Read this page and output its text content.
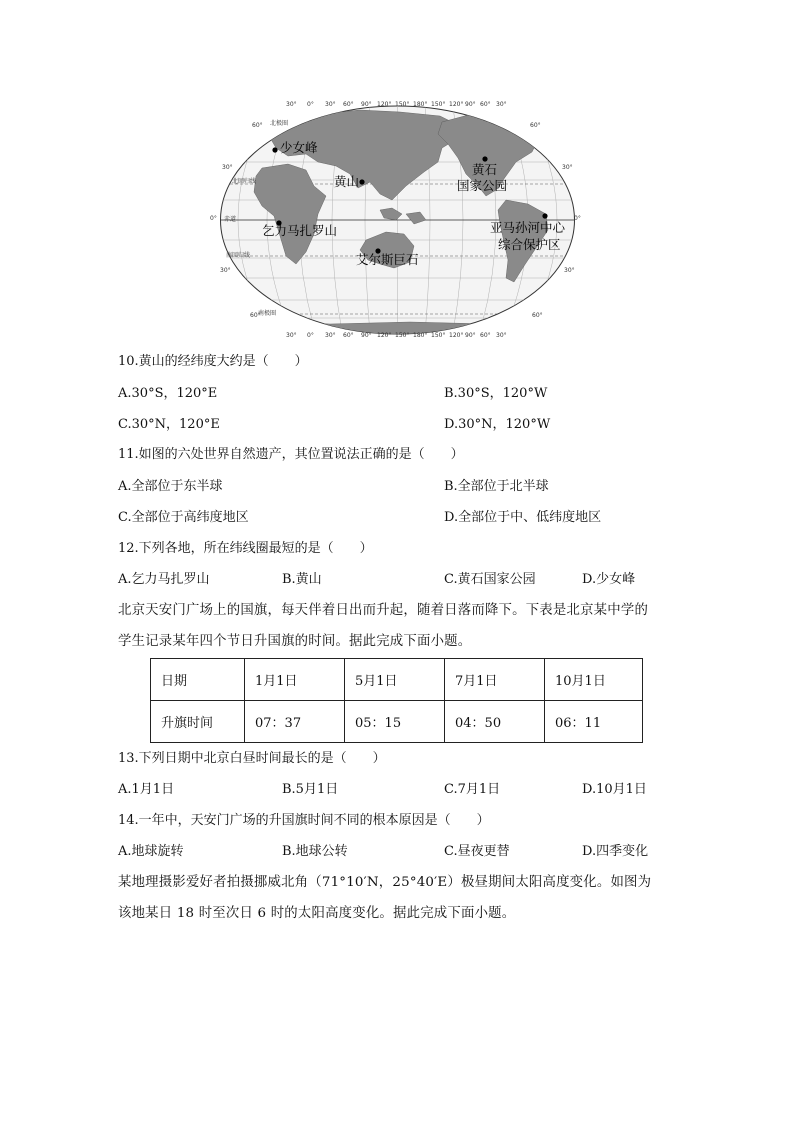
30° 0° 30° 60° 90° 120° 150° 180° 150° 120° 90° 60° 30°
30° 0° 30° 60° 90° 120° 150° 180° 150° 120° 90° 60° 30°
60°
30°
0°
30°
60°
60°
30°
0°
30°
60°
北极圈
北回归线
赤道
南回归线
南极圈
少女峰
黄山
黄石
国家公园
乞力马扎罗山	亚马孙河中心
综合保护区
艾尔斯巨石
10.黄山的经纬度大约是（　　）
A.30°S，120°E	B.30°S，120°W
C.30°N，120°E	D.30°N，120°W
11.如图的六处世界自然遗产，其位置说法正确的是（　　）
A.全部位于东半球	B.全部位于北半球
C.全部位于高纬度地区	D.全部位于中、低纬度地区
12.下列各地，所在纬线圈最短的是（　　）
A.乞力马扎罗山	B.黄山	C.黄石国家公园	D.少女峰
北京天安门广场上的国旗，每天伴着日出而升起，随着日落而降下。下表是北京某中学的
学生记录某年四个节日升国旗的时间。据此完成下面小题。
日期	1月1日	5月1日	7月1日	10月1日
升旗时间	07：37	05：15	04：50	06：11
13.下列日期中北京白昼时间最长的是（　　）
A.1月1日	B.5月1日	C.7月1日	D.10月1日
14.一年中，天安门广场的升国旗时间不同的根本原因是（　　）
A.地球旋转	B.地球公转	C.昼夜更替	D.四季变化
某地理摄影爱好者拍摄挪威北角（71°10′N，25°40′E）极昼期间太阳高度变化。如图为
该地某日 18 时至次日 6 时的太阳高度变化。据此完成下面小题。
